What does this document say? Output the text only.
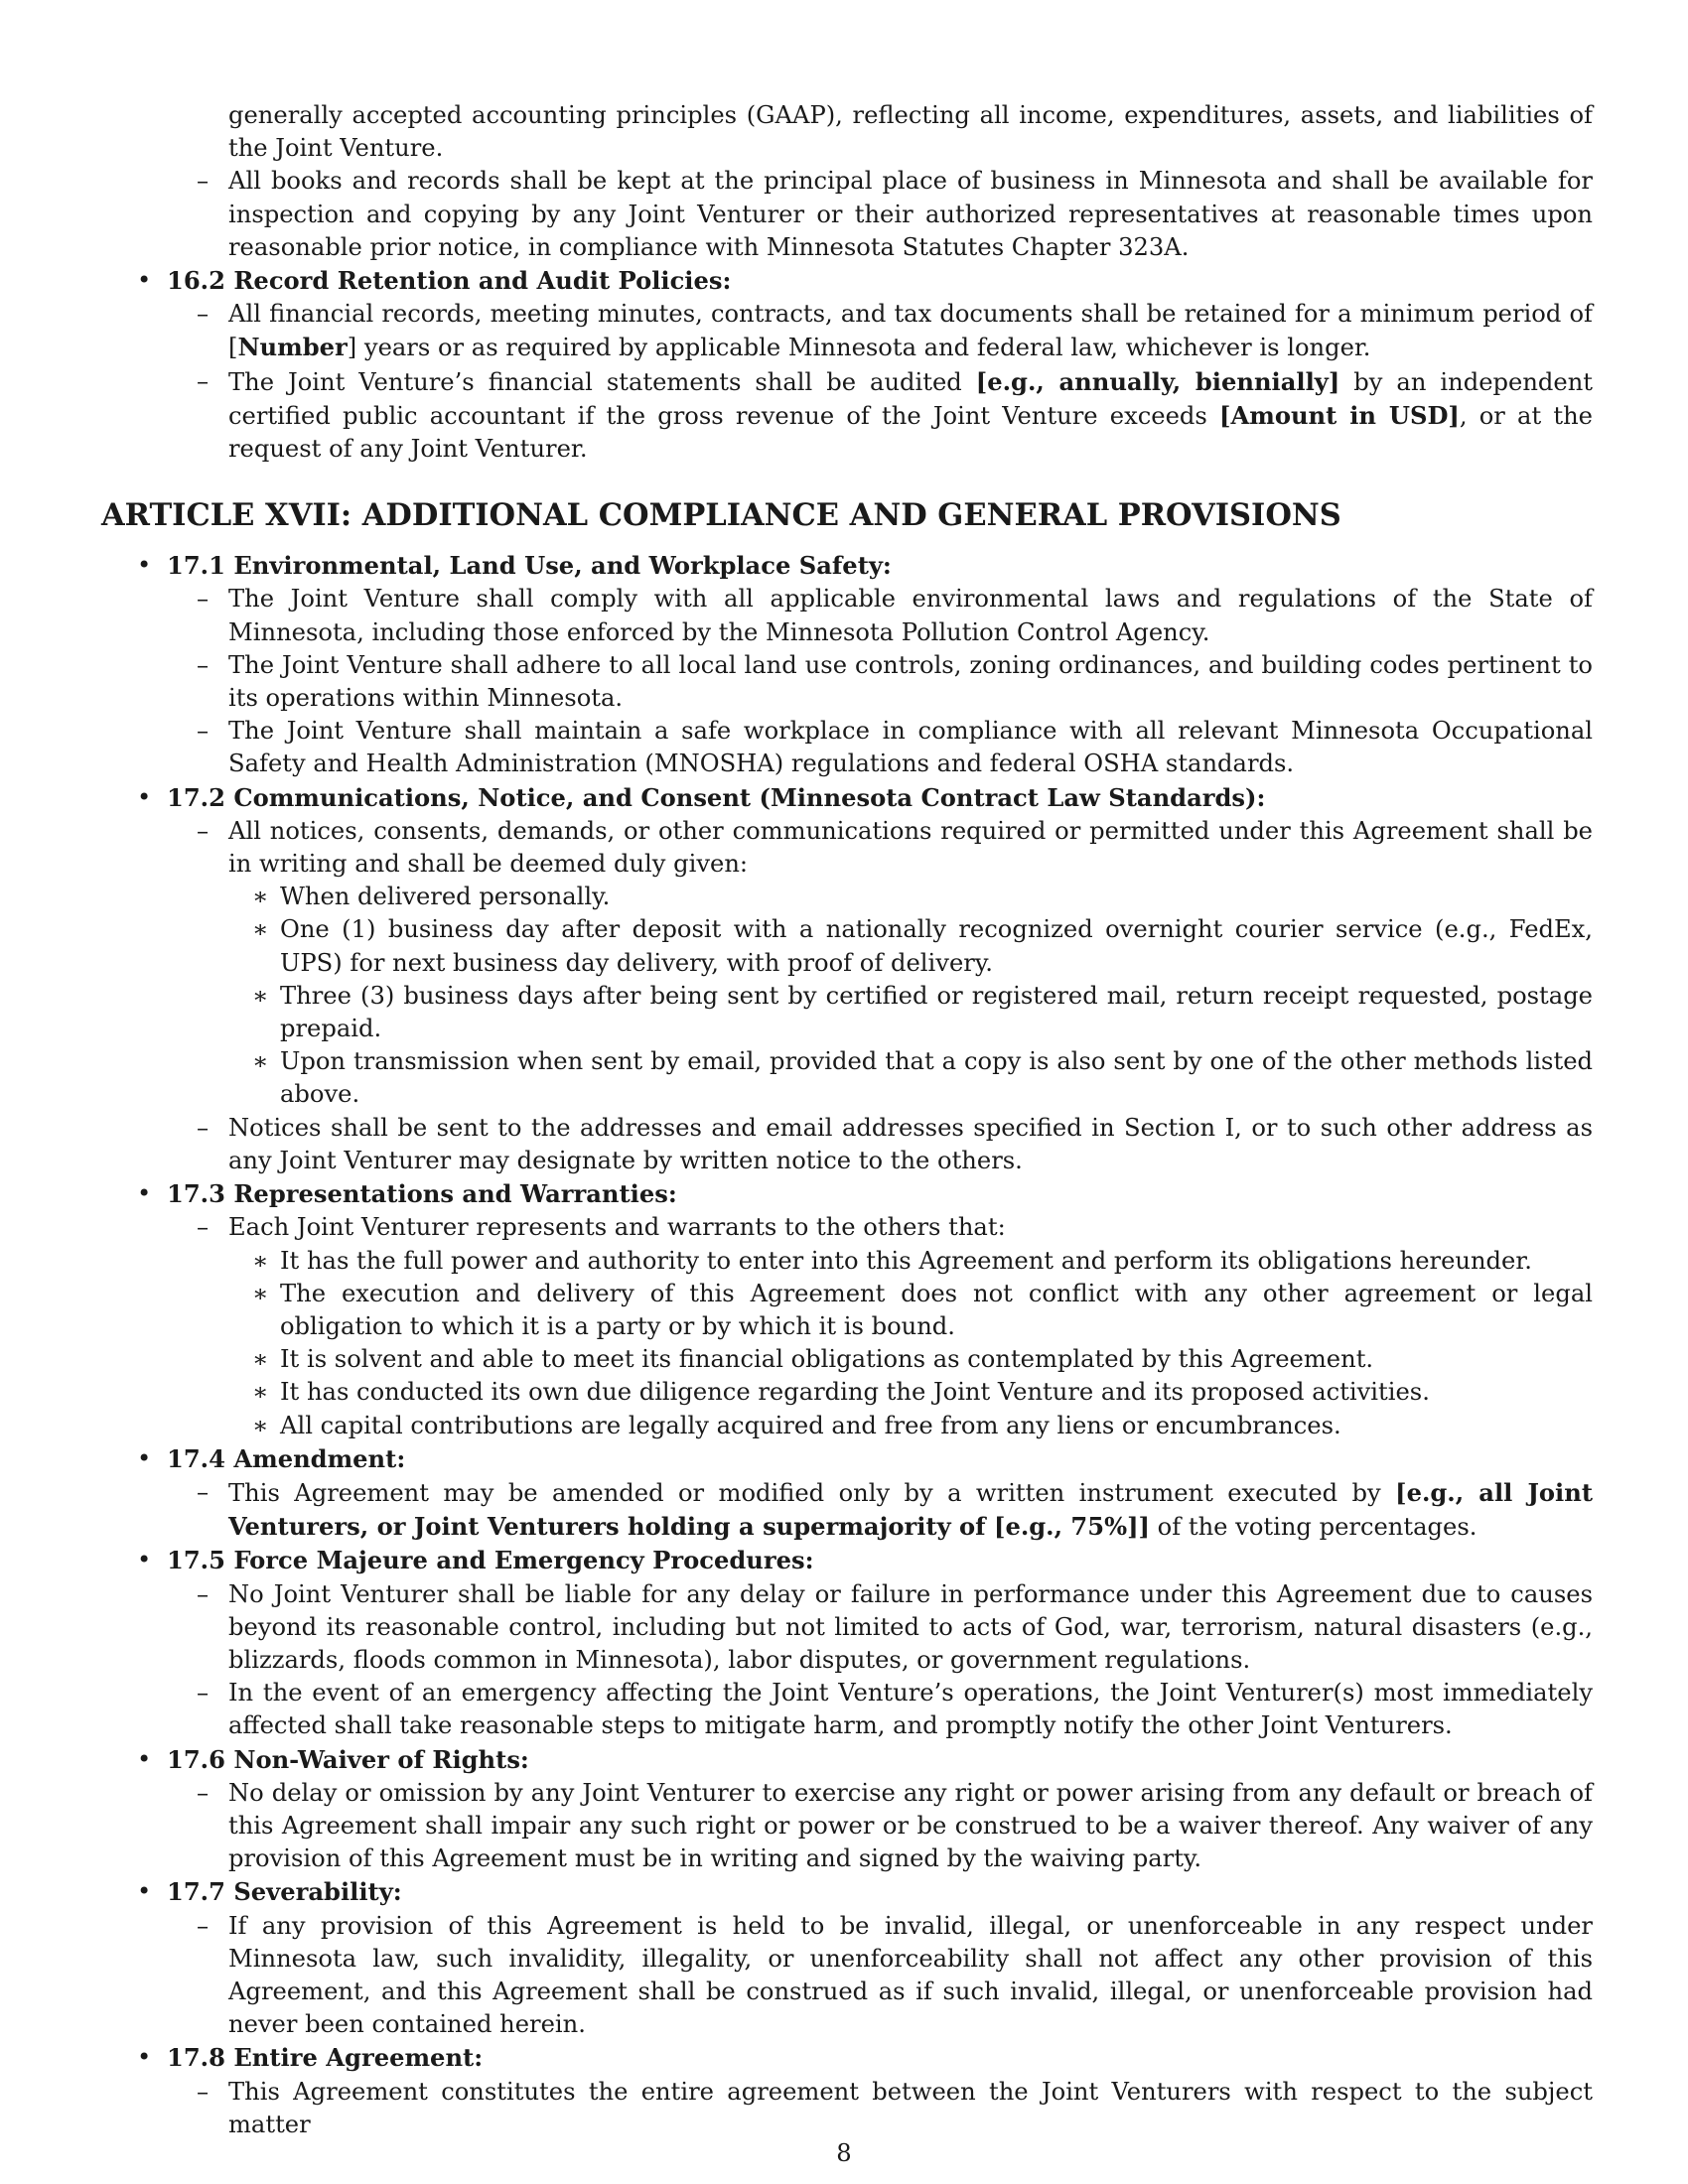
generally accepted accounting principles (GAAP), reflecting all income, expenditures, assets, and liabilities of the Joint Venture.
– All books and records shall be kept at the principal place of business in Minnesota and shall be available for inspection and copying by any Joint Venturer or their authorized representatives at reasonable times upon reasonable prior notice, in compliance with Minnesota Statutes Chapter 323A.
• 16.2 Record Retention and Audit Policies:
– All financial records, meeting minutes, contracts, and tax documents shall be retained for a minimum period of [Number] years or as required by applicable Minnesota and federal law, whichever is longer.
– The Joint Venture’s financial statements shall be audited [e.g., annually, biennially] by an independent certified public accountant if the gross revenue of the Joint Venture exceeds [Amount in USD], or at the request of any Joint Venturer.
ARTICLE XVII: ADDITIONAL COMPLIANCE AND GENERAL PROVISIONS
• 17.1 Environmental, Land Use, and Workplace Safety:
– The Joint Venture shall comply with all applicable environmental laws and regulations of the State of Minnesota, including those enforced by the Minnesota Pollution Control Agency.
– The Joint Venture shall adhere to all local land use controls, zoning ordinances, and building codes pertinent to its operations within Minnesota.
– The Joint Venture shall maintain a safe workplace in compliance with all relevant Minnesota Occupational Safety and Health Administration (MNOSHA) regulations and federal OSHA standards.
• 17.2 Communications, Notice, and Consent (Minnesota Contract Law Standards):
– All notices, consents, demands, or other communications required or permitted under this Agreement shall be in writing and shall be deemed duly given:
∗ When delivered personally.
∗ One (1) business day after deposit with a nationally recognized overnight courier service (e.g., FedEx, UPS) for next business day delivery, with proof of delivery.
∗ Three (3) business days after being sent by certified or registered mail, return receipt requested, postage prepaid.
∗ Upon transmission when sent by email, provided that a copy is also sent by one of the other methods listed above.
– Notices shall be sent to the addresses and email addresses specified in Section I, or to such other address as any Joint Venturer may designate by written notice to the others.
• 17.3 Representations and Warranties:
– Each Joint Venturer represents and warrants to the others that:
∗ It has the full power and authority to enter into this Agreement and perform its obligations hereunder.
∗ The execution and delivery of this Agreement does not conflict with any other agreement or legal obligation to which it is a party or by which it is bound.
∗ It is solvent and able to meet its financial obligations as contemplated by this Agreement.
∗ It has conducted its own due diligence regarding the Joint Venture and its proposed activities.
∗ All capital contributions are legally acquired and free from any liens or encumbrances.
• 17.4 Amendment:
– This Agreement may be amended or modified only by a written instrument executed by [e.g., all Joint Venturers, or Joint Venturers holding a supermajority of [e.g., 75%]] of the voting percentages.
• 17.5 Force Majeure and Emergency Procedures:
– No Joint Venturer shall be liable for any delay or failure in performance under this Agreement due to causes beyond its reasonable control, including but not limited to acts of God, war, terrorism, natural disasters (e.g., blizzards, floods common in Minnesota), labor disputes, or government regulations.
– In the event of an emergency affecting the Joint Venture’s operations, the Joint Venturer(s) most immediately affected shall take reasonable steps to mitigate harm, and promptly notify the other Joint Venturers.
• 17.6 Non-Waiver of Rights:
– No delay or omission by any Joint Venturer to exercise any right or power arising from any default or breach of this Agreement shall impair any such right or power or be construed to be a waiver thereof. Any waiver of any provision of this Agreement must be in writing and signed by the waiving party.
• 17.7 Severability:
– If any provision of this Agreement is held to be invalid, illegal, or unenforceable in any respect under Minnesota law, such invalidity, illegality, or unenforceability shall not affect any other provision of this Agreement, and this Agreement shall be construed as if such invalid, illegal, or unenforceable provision had never been contained herein.
• 17.8 Entire Agreement:
– This Agreement constitutes the entire agreement between the Joint Venturers with respect to the subject matter
8
